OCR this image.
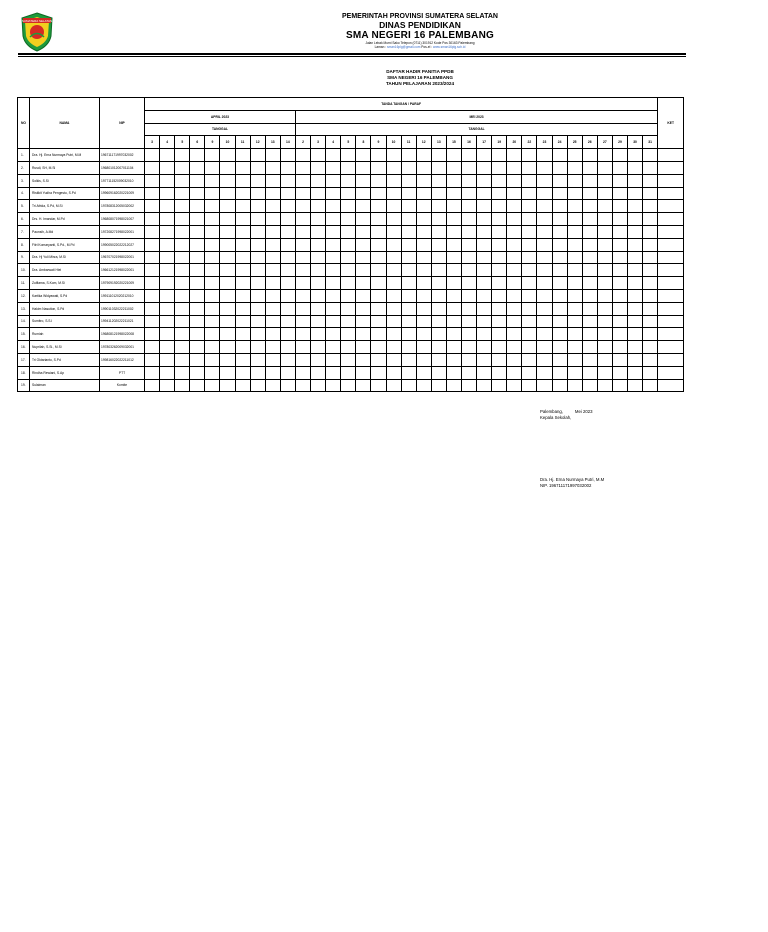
SUMATERA SELATAN
PEMERINTAH PROVINSI SUMATERA SELATAN
DINAS PENDIDIKAN
SMA NEGERI 16 PALEMBANG
Jalan Lebak Murni Sako Telepon (0711) 301912 Kode Pos 30163 Palembang
Laman : sman16plg@gmail.com Pos-el : www.sman16plg.sch.id
DAFTAR HADIR PANITIA PPDB
SMA NEGERI 16 PALEMBANG
TAHUN PELAJARAN 2023/2024
NO	NAMA	NIP	TANDA TANGAN / PARAF																																		KET
			APRIL 2023										MEI 2023																								
			TANGGAL										TANGGAL																								
			3	4	5	6	9	10	11	12	13	14	2	3	4	5	8	9	10	11	12	13	15	16	17	19	20	22	23	24	25	26	27	29	30	31	
1.	Dra. Hj. Erna Nurmaya Putri, M.M	196711171997032002																																			
2.	Rusdi, SH, M.Si	196801012007011104																																			
3.	Solkis, S.Si	197711152009032010																																			
4.	Ristikit Yudha Pengestu, S.Pd	199609162020221009																																			
5.	Tri Afrida, S.Pd, M.Si	197808312005032002																																			
6.	Drs. H. Imandar, M.Pd	196808071998021007																																			
7.	Paunsih, A.Md	197208271998022001																																			
8.	Fitri Komaryanti, S.Pd., M.Pd	199005022022212027																																			
9.	Dra. Hj Yuli Mirza, M.Si	196707021998022001																																			
10.	Dra. Ambarwati Hiei	196612121998022001																																			
11.	Zulfiama, S.Kom, M.Si	197909192020221009																																			
12.	Kartika Widyawati, S.Pd	199111012020212010																																			
13.	Hakim Nasution, S.Pd	199011032022211002																																			
14.	Sumitro, S.S.I	199411202022211021																																			
15.	Rumiah	196808121998022008																																			
16.	Nuprilah, S.Si., M.Si	197803262009032001																																			
17.	Tri Oktarianto, S.Pd	199816022022211012																																			
18.	Rindha Rewiani, S.Ap	PTT																																			
19.	Sulaiman	Komite																																			
Palembang,          Mei 2023
Kepala Sekolah,
Dra. Hj. Erna Nurmaya Putri, M.M
NIP. 196711171997032002
